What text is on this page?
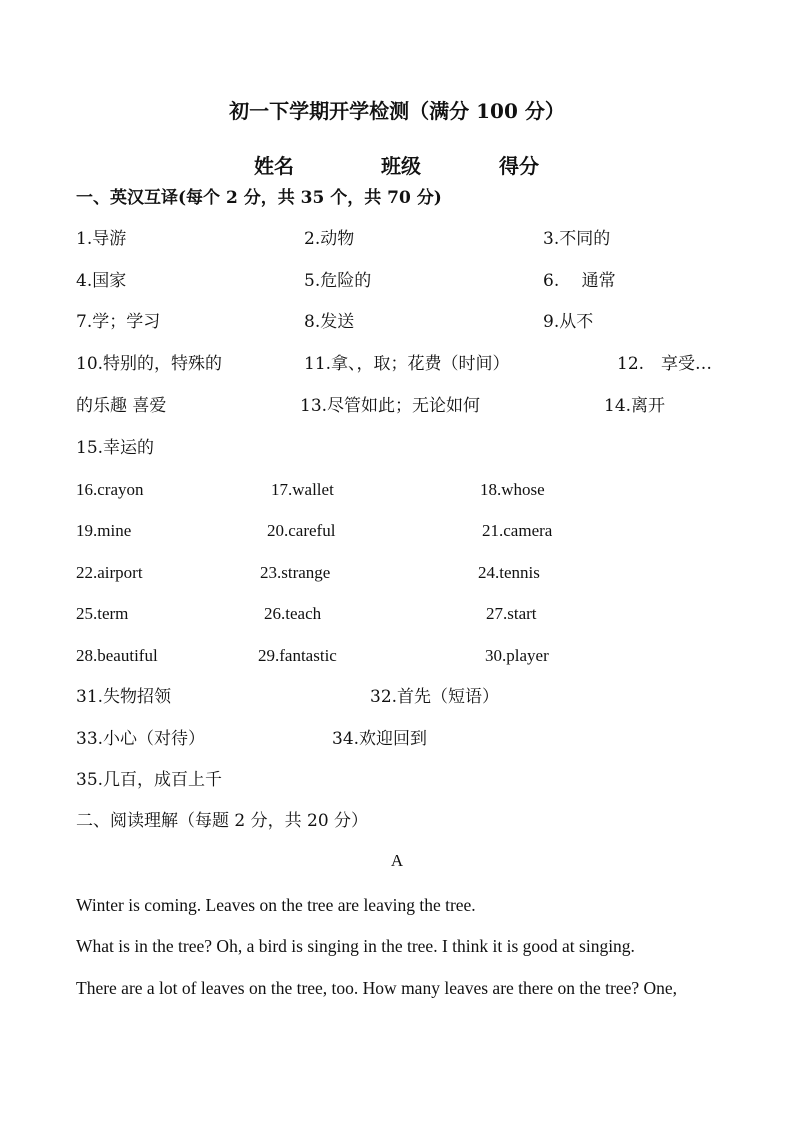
初一下学期开学检测（满分 100 分）
姓名	班级	得分
一、英汉互译(每个 2 分，共 35 个，共 70 分)
1.导游	2.动物	3.不同的
4.国家	5.危险的	6.　 通常
7.学；学习	8.发送	9.从不
10.特别的，特殊的	11.拿、，取；花费（时间）	12.　享受…
的乐趣 喜爱	13.尽管如此；无论如何	14.离开
15.幸运的
16.crayon	17.wallet	18.whose
19.mine	20.careful	21.camera
22.airport	23.strange	24.tennis
25.term	26.teach	27.start
28.beautiful	29.fantastic	30.player
31.失物招领	32.首先（短语）
33.小心（对待）	34.欢迎回到
35.几百，成百上千
二、阅读理解（每题 2 分，共 20 分）
A
Winter is coming. Leaves on the tree are leaving the tree.
What is in the tree? Oh, a bird is singing in the tree. I think it is good at singing.
There are a lot of leaves on the tree, too. How many leaves are there on the tree? One,
